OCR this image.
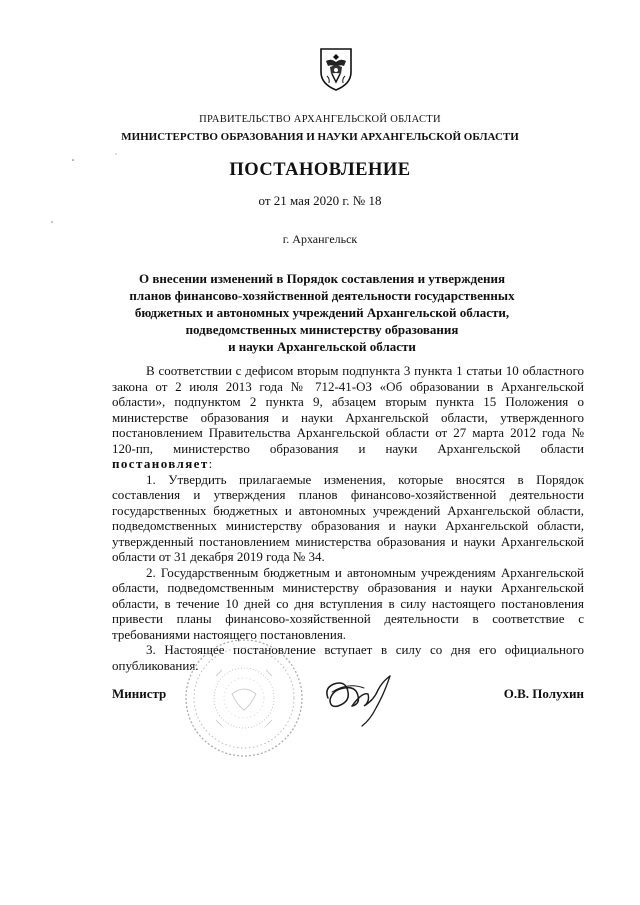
ПРАВИТЕЛЬСТВО АРХАНГЕЛЬСКОЙ ОБЛАСТИ
МИНИСТЕРСТВО ОБРАЗОВАНИЯ И НАУКИ АРХАНГЕЛЬСКОЙ ОБЛАСТИ
ПОСТАНОВЛЕНИЕ
от 21 мая 2020 г. № 18
г. Архангельск
О внесении изменений в Порядок составления и утверждения
планов финансово-хозяйственной деятельности государственных
бюджетных и автономных учреждений Архангельской области,
подведомственных министерству образования
и науки Архангельской области

В соответствии с дефисом вторым подпункта 3 пункта 1 статьи 10 областного закона от 2 июля 2013 года № 712-41-ОЗ «Об образовании в Архангельской области», подпунктом 2 пункта 9, абзацем вторым пункта 15 Положения о министерстве образования и науки Архангельской области, утвержденного постановлением Правительства Архангельской области от 27 марта 2012 года № 120-пп, министерство образования и науки Архангельской области постановляет:

1. Утвердить прилагаемые изменения, которые вносятся в Порядок составления и утверждения планов финансово-хозяйственной деятельности государственных бюджетных и автономных учреждений Архангельской области, подведомственных министерству образования и науки Архангельской области, утвержденный постановлением министерства образования и науки Архангельской области от 31 декабря 2019 года № 34.

2. Государственным бюджетным и автономным учреждениям Архангельской области, подведомственным министерству образования и науки Архангельской области, в течение 10 дней со дня вступления в силу настоящего постановления привести планы финансово-хозяйственной деятельности в соответствие с требованиями настоящего постановления.

3. Настоящее постановление вступает в силу со дня его официального опубликования.

Министр	О.В. Полухин
